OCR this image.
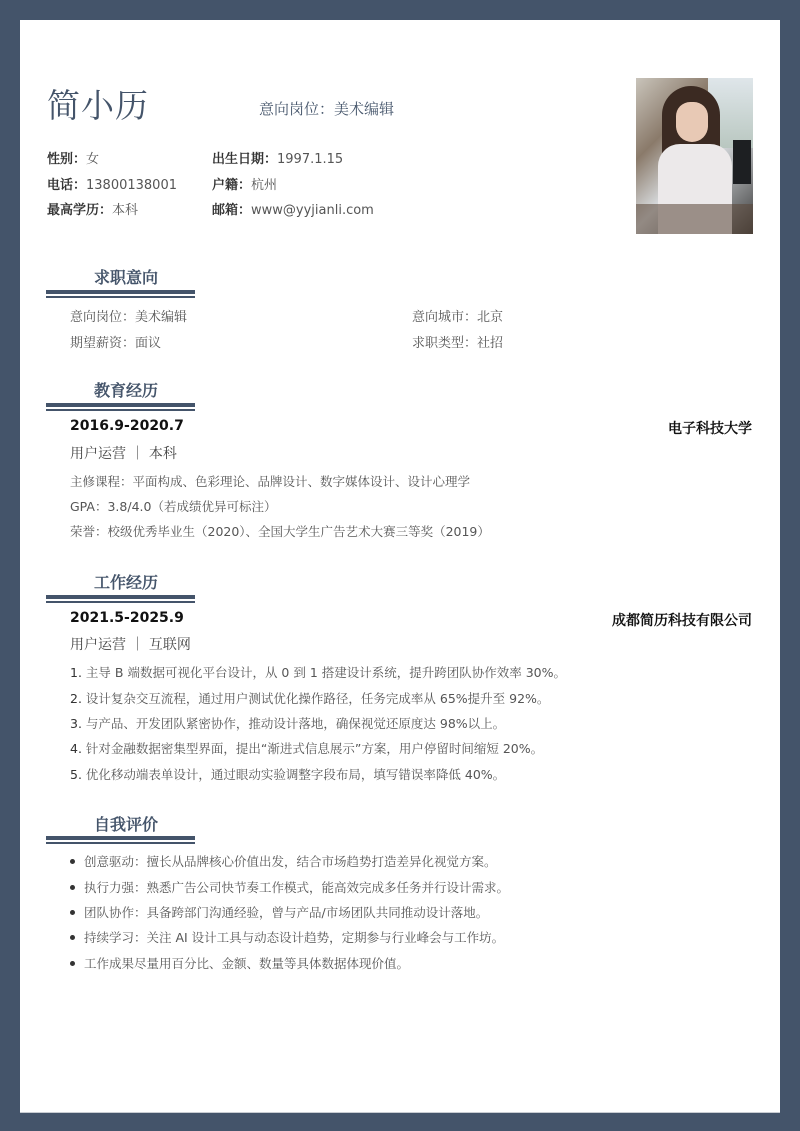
简小历	意向岗位：美术编辑
性别：女	出生日期：1997.1.15
电话：13800138001	户籍：杭州
最高学历：本科	邮箱：www@yyjianli.com
求职意向
意向岗位：美术编辑	意向城市：北京
期望薪资：面议	求职类型：社招
教育经历
2016.9-2020.7	电子科技大学
用户运营 ｜ 本科
主修课程：平面构成、色彩理论、品牌设计、数字媒体设计、设计心理学
GPA：3.8/4.0（若成绩优异可标注）
荣誉：校级优秀毕业生（2020）、全国大学生广告艺术大赛三等奖（2019）
工作经历
2021.5-2025.9	成都简历科技有限公司
用户运营 ｜ 互联网
1. 主导 B 端数据可视化平台设计，从 0 到 1 搭建设计系统，提升跨团队协作效率 30%。
2. 设计复杂交互流程，通过用户测试优化操作路径，任务完成率从 65%提升至 92%。
3. 与产品、开发团队紧密协作，推动设计落地，确保视觉还原度达 98%以上。
4. 针对金融数据密集型界面，提出“渐进式信息展示”方案，用户停留时间缩短 20%。
5. 优化移动端表单设计，通过眼动实验调整字段布局，填写错误率降低 40%。
自我评价
创意驱动：擅长从品牌核心价值出发，结合市场趋势打造差异化视觉方案。
执行力强：熟悉广告公司快节奏工作模式，能高效完成多任务并行设计需求。
团队协作：具备跨部门沟通经验，曾与产品/市场团队共同推动设计落地。
持续学习：关注 AI 设计工具与动态设计趋势，定期参与行业峰会与工作坊。
工作成果尽量用百分比、金额、数量等具体数据体现价值。
